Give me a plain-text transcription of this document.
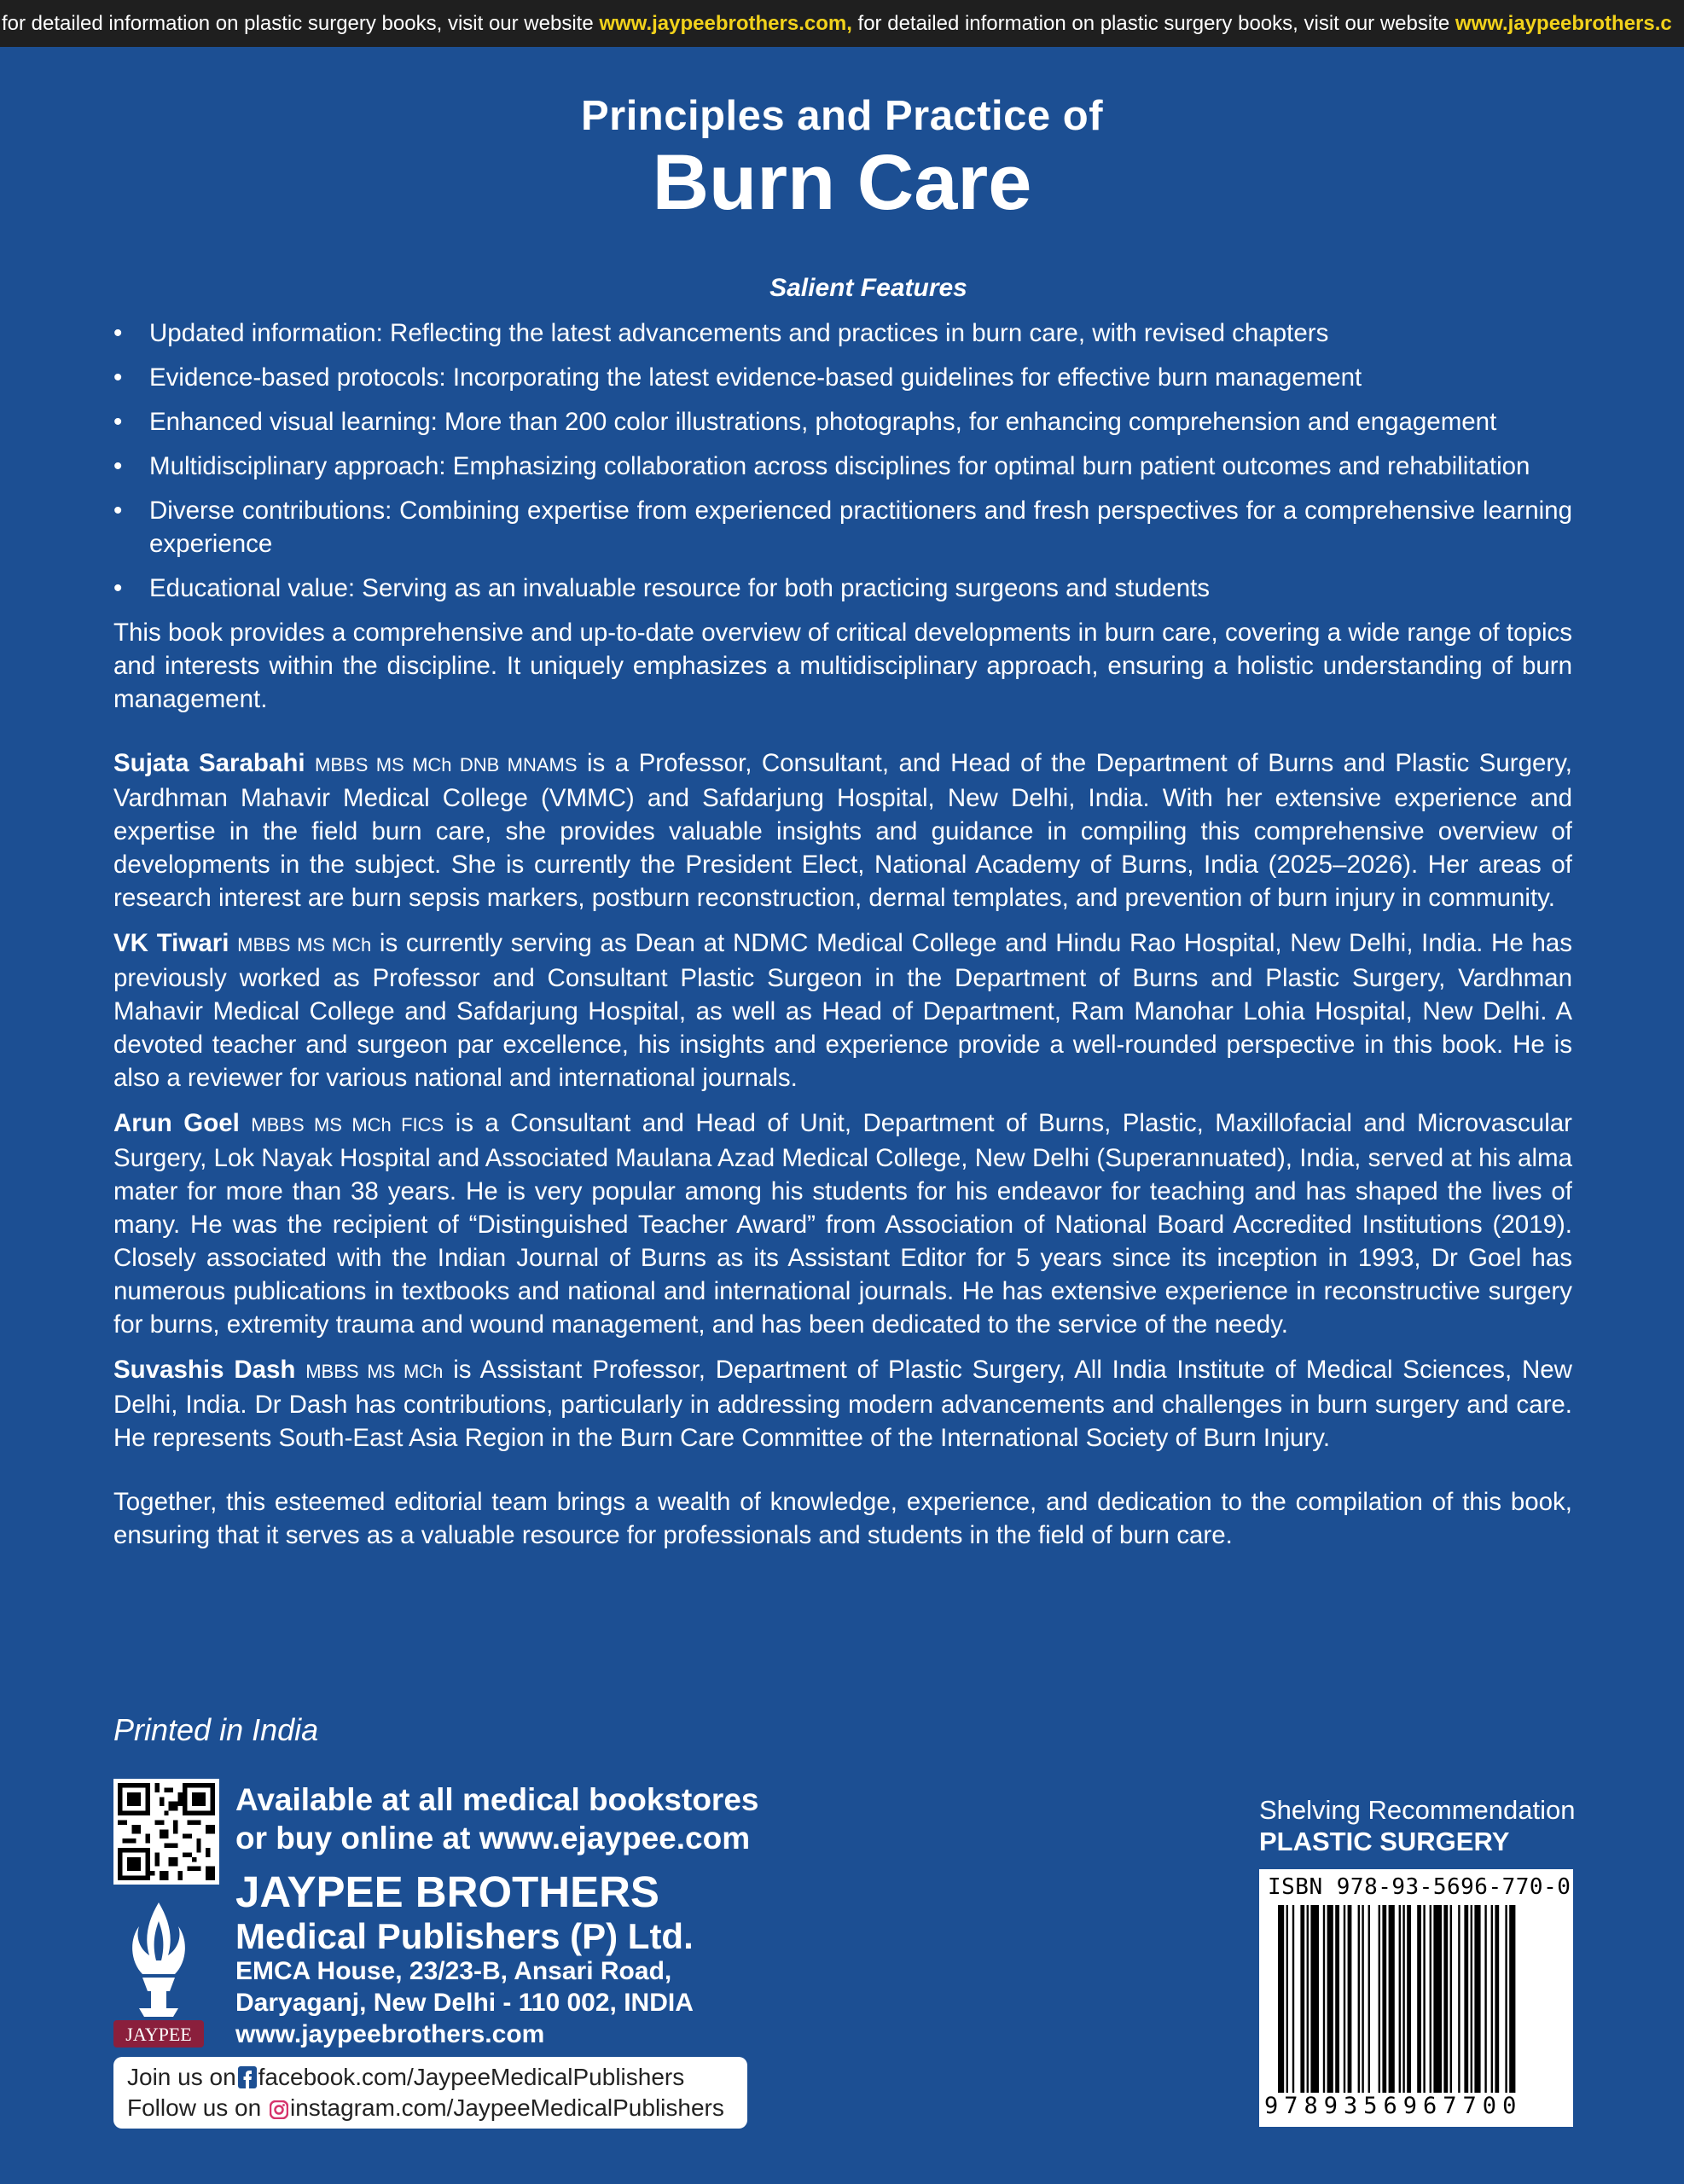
for detailed information on plastic surgery books, visit our website www.jaypeebrothers.com, for detailed information on plastic surgery books, visit our website www.jaypeebrothers.c
Principles and Practice of
Burn Care
Salient Features
• Updated information: Reflecting the latest advancements and practices in burn care, with revised chapters
• Evidence-based protocols: Incorporating the latest evidence-based guidelines for effective burn management
• Enhanced visual learning: More than 200 color illustrations, photographs, for enhancing comprehension and engagement
• Multidisciplinary approach: Emphasizing collaboration across disciplines for optimal burn patient outcomes and rehabilitation
• Diverse contributions: Combining expertise from experienced practitioners and fresh perspectives for a comprehensive learning experience
• Educational value: Serving as an invaluable resource for both practicing surgeons and students

This book provides a comprehensive and up-to-date overview of critical developments in burn care, covering a wide range of topics and interests within the discipline. It uniquely emphasizes a multidisciplinary approach, ensuring a holistic understanding of burn management.

Sujata Sarabahi MBBS MS MCh DNB MNAMS is a Professor, Consultant, and Head of the Department of Burns and Plastic Surgery, Vardhman Mahavir Medical College (VMMC) and Safdarjung Hospital, New Delhi, India. With her extensive experience and expertise in the field burn care, she provides valuable insights and guidance in compiling this comprehensive overview of developments in the subject. She is currently the President Elect, National Academy of Burns, India (2025–2026). Her areas of research interest are burn sepsis markers, postburn reconstruction, dermal templates, and prevention of burn injury in community.

VK Tiwari MBBS MS MCh is currently serving as Dean at NDMC Medical College and Hindu Rao Hospital, New Delhi, India. He has previously worked as Professor and Consultant Plastic Surgeon in the Department of Burns and Plastic Surgery, Vardhman Mahavir Medical College and Safdarjung Hospital, as well as Head of Department, Ram Manohar Lohia Hospital, New Delhi. A devoted teacher and surgeon par excellence, his insights and experience provide a well-rounded perspective in this book. He is also a reviewer for various national and international journals.

Arun Goel MBBS MS MCh FICS is a Consultant and Head of Unit, Department of Burns, Plastic, Maxillofacial and Microvascular Surgery, Lok Nayak Hospital and Associated Maulana Azad Medical College, New Delhi (Superannuated), India, served at his alma mater for more than 38 years. He is very popular among his students for his endeavor for teaching and has shaped the lives of many. He was the recipient of “Distinguished Teacher Award” from Association of National Board Accredited Institutions (2019). Closely associated with the Indian Journal of Burns as its Assistant Editor for 5 years since its inception in 1993, Dr Goel has numerous publications in textbooks and national and international journals. He has extensive experience in reconstructive surgery for burns, extremity trauma and wound management, and has been dedicated to the service of the needy.

Suvashis Dash MBBS MS MCh is Assistant Professor, Department of Plastic Surgery, All India Institute of Medical Sciences, New Delhi, India. Dr Dash has contributions, particularly in addressing modern advancements and challenges in burn surgery and care. He represents South-East Asia Region in the Burn Care Committee of the International Society of Burn Injury.

Together, this esteemed editorial team brings a wealth of knowledge, experience, and dedication to the compilation of this book, ensuring that it serves as a valuable resource for professionals and students in the field of burn care.

Printed in India
Available at all medical bookstores
or buy online at www.ejaypee.com
JAYPEE
JAYPEE BROTHERS
Medical Publishers (P) Ltd.
EMCA House, 23/23-B, Ansari Road,
Daryaganj, New Delhi - 110 002, INDIA
www.jaypeebrothers.com
Join us on facebook.com/JaypeeMedicalPublishers
Follow us on instagram.com/JaypeeMedicalPublishers
Shelving Recommendation
PLASTIC SURGERY
ISBN 978-93-5696-770-0
9789356967700
